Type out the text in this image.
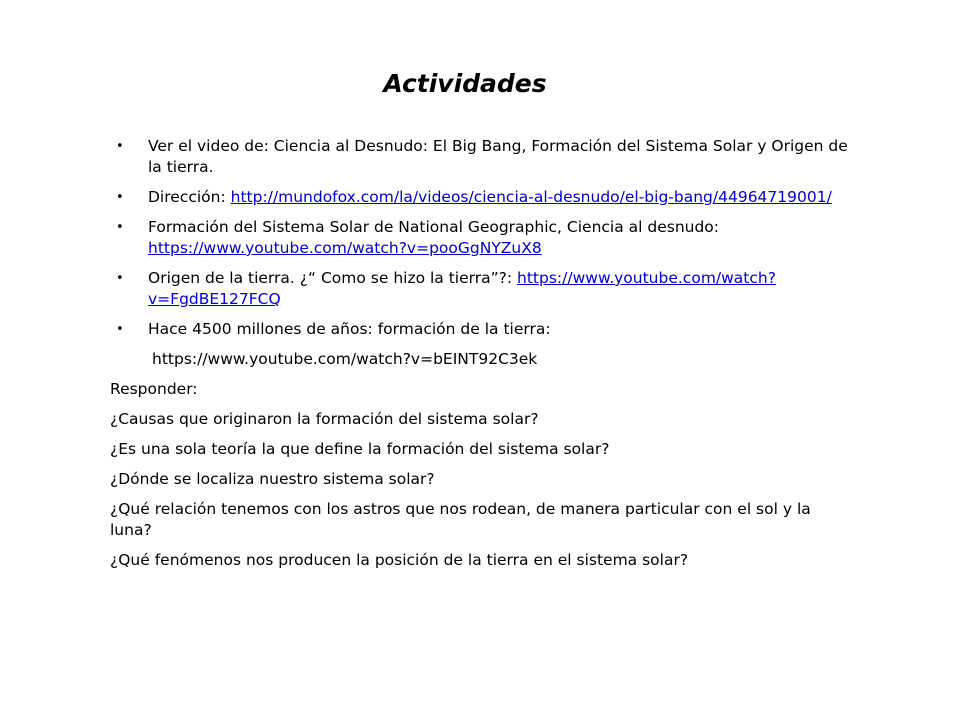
Actividades
• Ver el video de: Ciencia al Desnudo: El Big Bang, Formación del Sistema Solar y Origen de la tierra.
• Dirección: http://mundofox.com/la/videos/ciencia-al-desnudo/el-big-bang/44964719001/
• Formación del Sistema Solar de National Geographic, Ciencia al desnudo: https://www.youtube.com/watch?v=pooGgNYZuX8
• Origen de la tierra. ¿“ Como se hizo la tierra”?: https://www.youtube.com/watch?v=FgdBE127FCQ
• Hace 4500 millones de años: formación de la tierra:
https://www.youtube.com/watch?v=bEINT92C3ek
Responder:
¿Causas que originaron la formación del sistema solar?
¿Es una sola teoría la que define la formación del sistema solar?
¿Dónde se localiza nuestro sistema solar?
¿Qué relación tenemos con los astros que nos rodean, de manera particular con el sol y la luna?
¿Qué fenómenos nos producen la posición de la tierra en el sistema solar?
